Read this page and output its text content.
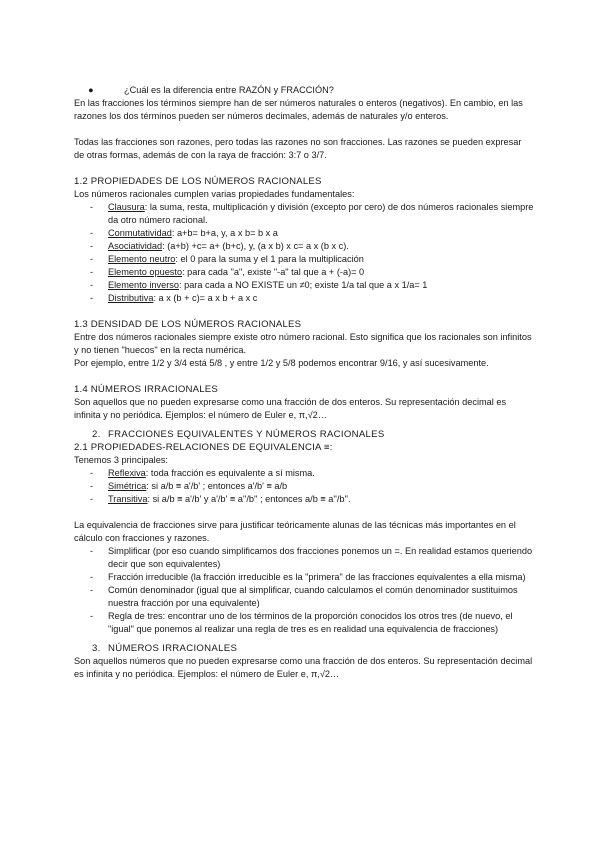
●	¿Cuál es la diferencia entre RAZÓN y FRACCIÓN?

En las fracciones los términos siempre han de ser números naturales o enteros (negativos). En cambio, en las razones los dos términos pueden ser números decimales, además de naturales y/o enteros.

Todas las fracciones son razones, pero todas las razones no son fracciones. Las razones se pueden expresar de otras formas, además de con la raya de fracción: 3:7 o 3/7.

1.2 PROPIEDADES DE LOS NÚMEROS RACIONALES

Los números racionales cumplen varias propiedades fundamentales:

- Clausura: la suma, resta, multiplicación y división (excepto por cero) de dos números racionales siempre da otro número racional.
- Conmutatividad: a+b= b+a, y, a x b= b x a
- Asociatividad: (a+b) +c= a+ (b+c), y, (a x b) x c= a x (b x c).
- Elemento neutro: el 0 para la suma y el 1 para la multiplicación
- Elemento opuesto: para cada "a", existe "-a" tal que a + (-a)= 0
- Elemento inverso: para cada a NO EXISTE un ≠0; existe 1/a tal que a x 1/a= 1
- Distributiva: a x (b + c)= a x b + a x c
1.3 DENSIDAD DE LOS NÚMEROS RACIONALES

Entre dos números racionales siempre existe otro número racional. Esto significa que los racionales son infinitos y no tienen "huecos" en la recta numérica.

Por ejemplo, entre 1/2 y 3/4 está 5/8 , y entre 1/2 y 5/8 podemos encontrar 9/16, y así sucesivamente.

1.4 NÚMEROS IRRACIONALES

Son aquellos que no pueden expresarse como una fracción de dos enteros. Su representación decimal es infinita y no periódica. Ejemplos: el número de Euler e, π,√2…

2. FRACCIONES EQUIVALENTES Y NÚMEROS RACIONALES

2.1 PROPIEDADES-RELACIONES DE EQUIVALENCIA ≡:

Tenemos 3 principales:

- Reflexiva: toda fracción es equivalente a sí misma.
- Simétrica: si a/b ≡ a'/b' ; entonces a'/b' ≡ a/b
- Transitiva: si a/b ≡ a'/b' y a'/b' ≡ a''/b'' ; entonces a/b ≡ a''/b''.

La equivalencia de fracciones sirve para justificar teóricamente alunas de las técnicas más importantes en el cálculo con fracciones y razones.

- Simplificar (por eso cuando simplificamos dos fracciones ponemos un =. En realidad estamos queriendo decir que son equivalentes)
- Fracción irreducible (la fracción irreducible es la "primera" de las fracciones equivalentes a ella misma)
- Común denominador (igual que al simplificar, cuando calculamos el común denominador sustituimos nuestra fracción por una equivalente)
- Regla de tres: encontrar uno de los términos de la proporción conocidos los otros tres (de nuevo, el "igual" que ponemos al realizar una regla de tres es en realidad una equivalencia de fracciones)

3. NÚMEROS IRRACIONALES

Son aquellos números que no pueden expresarse como una fracción de dos enteros. Su representación decimal es infinita y no periódica. Ejemplos: el número de Euler e, π,√2…
